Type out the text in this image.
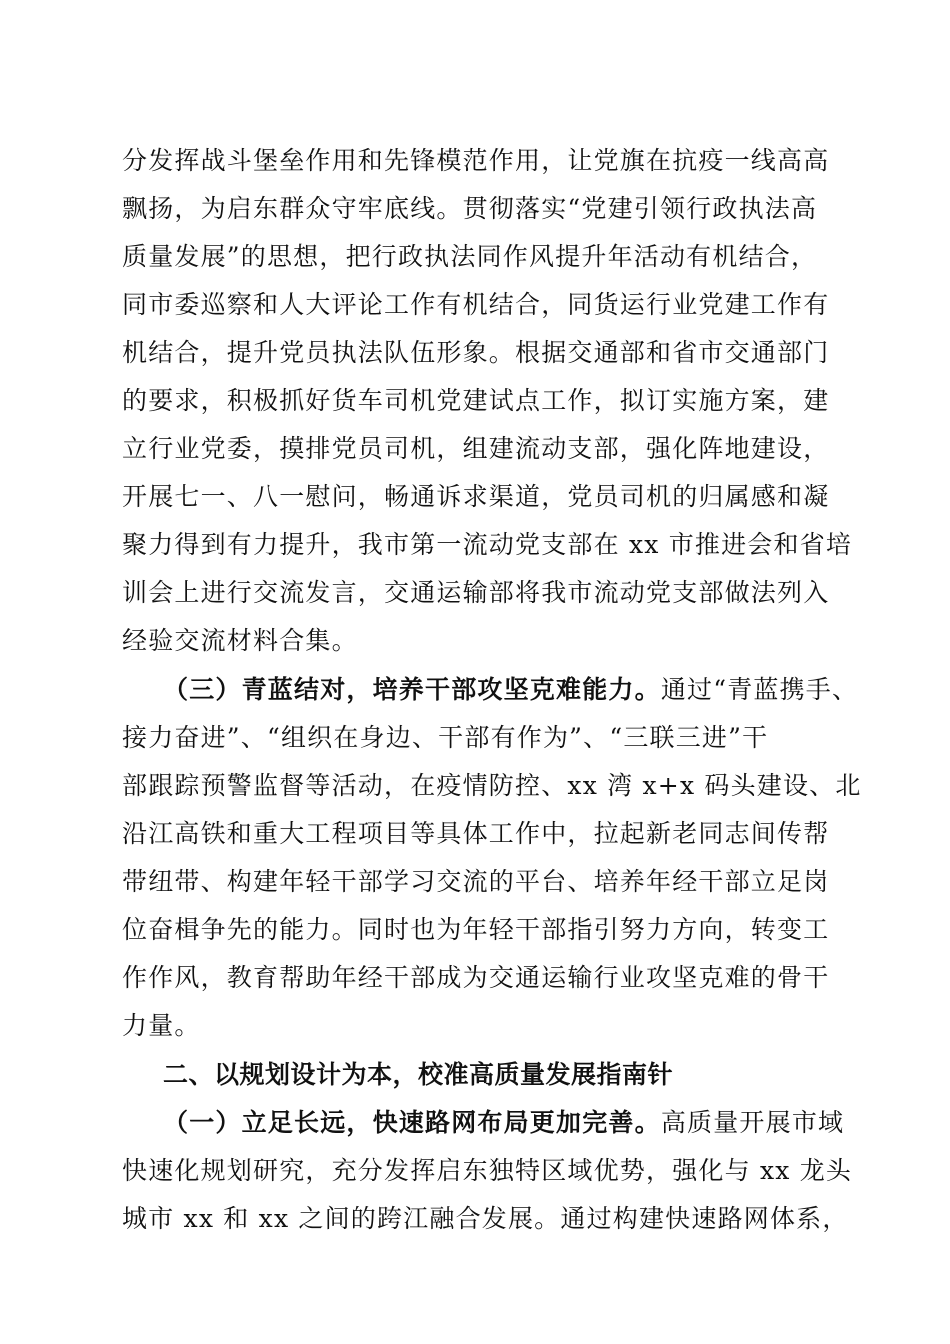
分发挥战斗堡垒作用和先锋模范作用，让党旗在抗疫一线高高
飘扬，为启东群众守牢底线。贯彻落实“党建引领行政执法高
质量发展”的思想，把行政执法同作风提升年活动有机结合，
同市委巡察和人大评论工作有机结合，同货运行业党建工作有
机结合，提升党员执法队伍形象。根据交通部和省市交通部门
的要求，积极抓好货车司机党建试点工作，拟订实施方案，建
立行业党委，摸排党员司机，组建流动支部，强化阵地建设，
开展七一、八一慰问，畅通诉求渠道，党员司机的归属感和凝
聚力得到有力提升，我市第一流动党支部在 xx 市推进会和省培
训会上进行交流发言，交通运输部将我市流动党支部做法列入
经验交流材料合集。
（三）青蓝结对，培养干部攻坚克难能力。通过“青蓝携手、
接力奋进”、“组织在身边、干部有作为”、“三联三进”干
部跟踪预警监督等活动，在疫情防控、xx 湾 x+x 码头建设、北
沿江高铁和重大工程项目等具体工作中，拉起新老同志间传帮
带纽带、构建年轻干部学习交流的平台、培养年经干部立足岗
位奋楫争先的能力。同时也为年轻干部指引努力方向，转变工
作作风，教育帮助年经干部成为交通运输行业攻坚克难的骨干
力量。
二、以规划设计为本，校准高质量发展指南针
（一）立足长远，快速路网布局更加完善。高质量开展市域
快速化规划研究，充分发挥启东独特区域优势，强化与 xx 龙头
城市 xx 和 xx 之间的跨江融合发展。通过构建快速路网体系，
